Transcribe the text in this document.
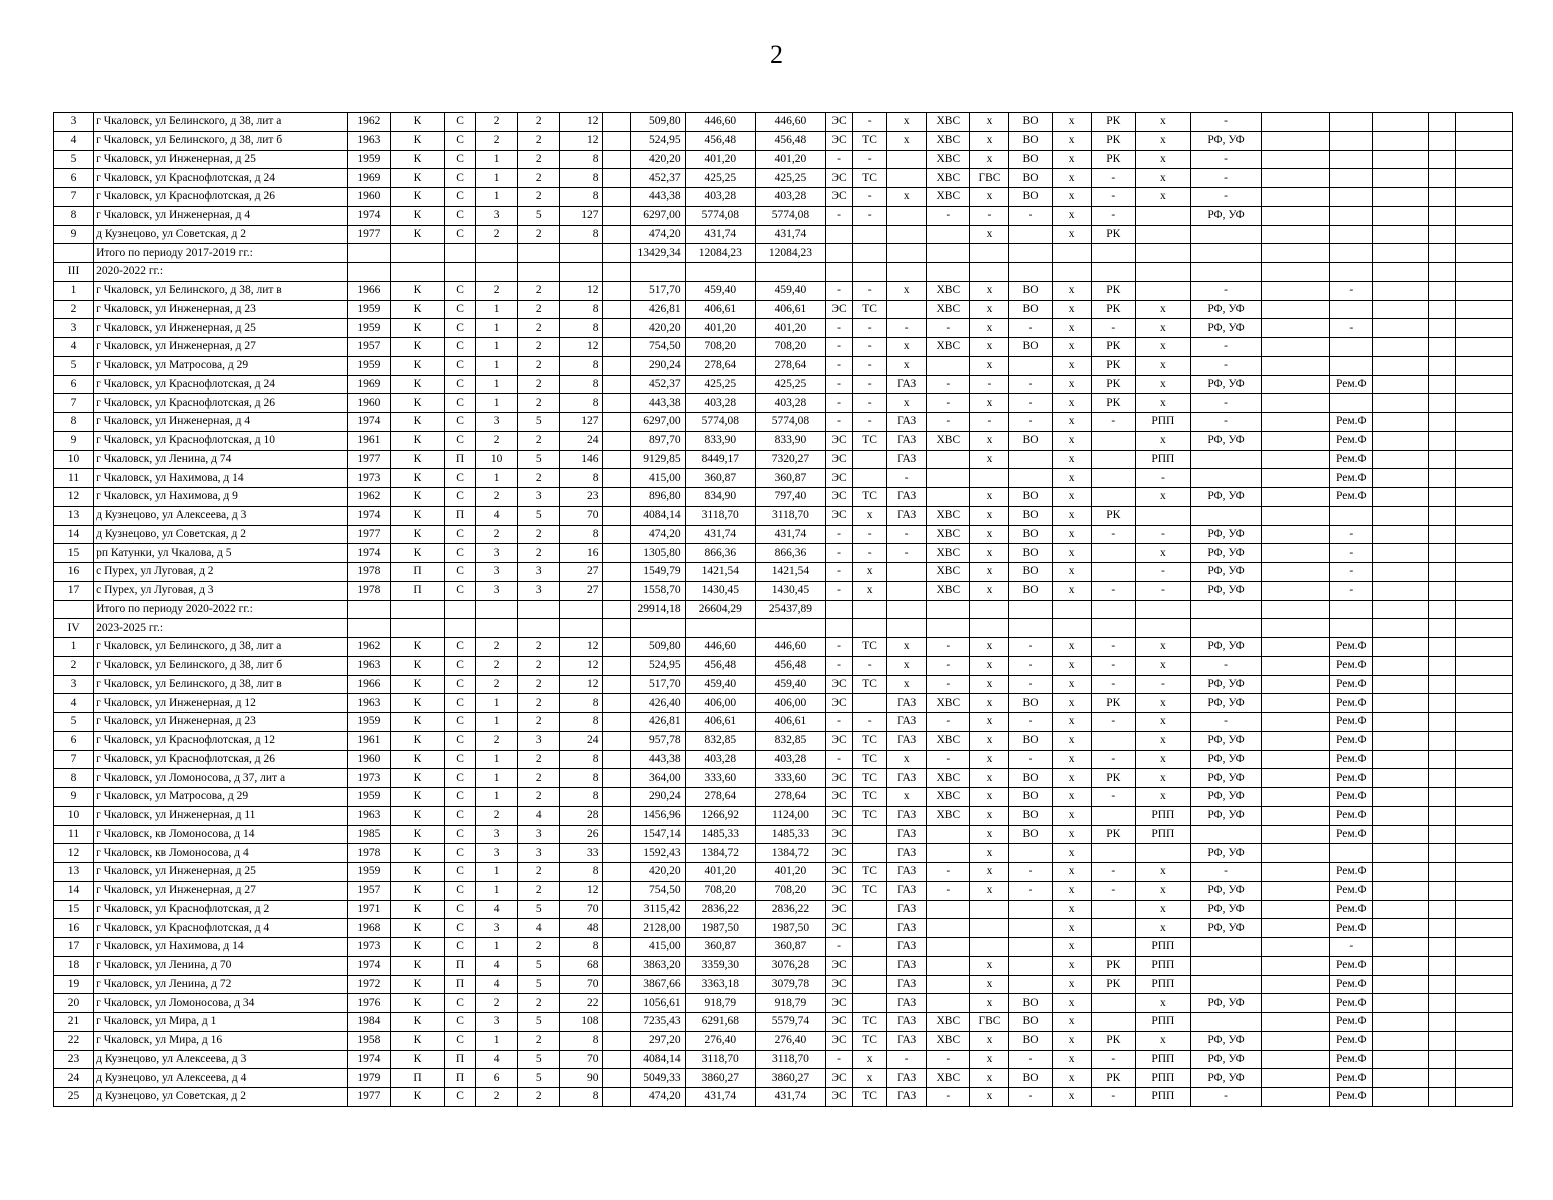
2
3	г Чкаловск, ул Белинского, д 38, лит а	1962	К	С	2	2	12		509,80	446,60	446,60	ЭС	-	х	ХВС	х	ВО	х	РК	х	-					
4	г Чкаловск, ул Белинского, д 38, лит б	1963	К	С	2	2	12		524,95	456,48	456,48	ЭС	ТС	х	ХВС	х	ВО	х	РК	х	РФ, УФ					
5	г Чкаловск, ул Инженерная, д 25	1959	К	С	1	2	8		420,20	401,20	401,20	-	-		ХВС	х	ВО	х	РК	х	-					
6	г Чкаловск, ул Краснофлотская, д 24	1969	К	С	1	2	8		452,37	425,25	425,25	ЭС	ТС		ХВС	ГВС	ВО	х	-	х	-					
7	г Чкаловск, ул Краснофлотская, д 26	1960	К	С	1	2	8		443,38	403,28	403,28	ЭС	-	х	ХВС	х	ВО	х	-	х	-					
8	г Чкаловск, ул Инженерная, д 4	1974	К	С	3	5	127		6297,00	5774,08	5774,08	-	-		-	-	-	х	-		РФ, УФ					
9	д Кузнецово, ул Советская, д 2	1977	К	С	2	2	8		474,20	431,74	431,74					х		х	РК							
	Итого по периоду 2017-2019 гг.:								13429,34	12084,23	12084,23															
III	2020-2022 гг.:																									
1	г Чкаловск, ул Белинского, д 38, лит в	1966	К	С	2	2	12		517,70	459,40	459,40	-	-	х	ХВС	х	ВО	х	РК		-		-			
2	г Чкаловск, ул Инженерная, д 23	1959	К	С	1	2	8		426,81	406,61	406,61	ЭС	ТС		ХВС	х	ВО	х	РК	х	РФ, УФ					
3	г Чкаловск, ул Инженерная, д 25	1959	К	С	1	2	8		420,20	401,20	401,20	-	-	-	-	х	-	х	-	х	РФ, УФ		-			
4	г Чкаловск, ул Инженерная, д 27	1957	К	С	1	2	12		754,50	708,20	708,20	-	-	х	ХВС	х	ВО	х	РК	х	-					
5	г Чкаловск, ул Матросова, д 29	1959	К	С	1	2	8		290,24	278,64	278,64	-	-	х		х		х	РК	х	-					
6	г Чкаловск, ул Краснофлотская, д 24	1969	К	С	1	2	8		452,37	425,25	425,25	-	-	ГАЗ	-	-	-	х	РК	х	РФ, УФ		Рем.Ф			
7	г Чкаловск, ул Краснофлотская, д 26	1960	К	С	1	2	8		443,38	403,28	403,28	-	-	х	-	х	-	х	РК	х	-					
8	г Чкаловск, ул Инженерная, д 4	1974	К	С	3	5	127		6297,00	5774,08	5774,08	-	-	ГАЗ	-	-	-	х	-	РПП	-		Рем.Ф			
9	г Чкаловск, ул Краснофлотская, д 10	1961	К	С	2	2	24		897,70	833,90	833,90	ЭС	ТС	ГАЗ	ХВС	х	ВО	х		х	РФ, УФ		Рем.Ф			
10	г Чкаловск, ул Ленина, д 74	1977	К	П	10	5	146		9129,85	8449,17	7320,27	ЭС		ГАЗ		х		х		РПП			Рем.Ф			
11	г Чкаловск, ул Нахимова, д 14	1973	К	С	1	2	8		415,00	360,87	360,87	ЭС		-				х		-			Рем.Ф			
12	г Чкаловск, ул Нахимова, д 9	1962	К	С	2	3	23		896,80	834,90	797,40	ЭС	ТС	ГАЗ		х	ВО	х		х	РФ, УФ		Рем.Ф			
13	д Кузнецово, ул Алексеева, д 3	1974	К	П	4	5	70		4084,14	3118,70	3118,70	ЭС	х	ГАЗ	ХВС	х	ВО	х	РК							
14	д Кузнецово, ул Советская, д 2	1977	К	С	2	2	8		474,20	431,74	431,74	-	-	-	ХВС	х	ВО	х	-	-	РФ, УФ		-			
15	рп Катунки, ул Чкалова, д 5	1974	К	С	3	2	16		1305,80	866,36	866,36	-	-	-	ХВС	х	ВО	х		х	РФ, УФ		-			
16	с Пурех, ул Луговая, д 2	1978	П	С	3	3	27		1549,79	1421,54	1421,54	-	х		ХВС	х	ВО	х		-	РФ, УФ		-			
17	с Пурех, ул Луговая, д 3	1978	П	С	3	3	27		1558,70	1430,45	1430,45	-	х		ХВС	х	ВО	х	-	-	РФ, УФ		-			
	Итого по периоду 2020-2022 гг.:								29914,18	26604,29	25437,89															
IV	2023-2025 гг.:																									
1	г Чкаловск, ул Белинского, д 38, лит а	1962	К	С	2	2	12		509,80	446,60	446,60	-	ТС	х	-	х	-	х	-	х	РФ, УФ		Рем.Ф			
2	г Чкаловск, ул Белинского, д 38, лит б	1963	К	С	2	2	12		524,95	456,48	456,48	-	-	х	-	х	-	х	-	х	-		Рем.Ф			
3	г Чкаловск, ул Белинского, д 38, лит в	1966	К	С	2	2	12		517,70	459,40	459,40	ЭС	ТС	х	-	х	-	х	-	-	РФ, УФ		Рем.Ф			
4	г Чкаловск, ул Инженерная, д 12	1963	К	С	1	2	8		426,40	406,00	406,00	ЭС		ГАЗ	ХВС	х	ВО	х	РК	х	РФ, УФ		Рем.Ф			
5	г Чкаловск, ул Инженерная, д 23	1959	К	С	1	2	8		426,81	406,61	406,61	-	-	ГАЗ	-	х	-	х	-	х	-		Рем.Ф			
6	г Чкаловск, ул Краснофлотская, д 12	1961	К	С	2	3	24		957,78	832,85	832,85	ЭС	ТС	ГАЗ	ХВС	х	ВО	х		х	РФ, УФ		Рем.Ф			
7	г Чкаловск, ул Краснофлотская, д 26	1960	К	С	1	2	8		443,38	403,28	403,28	-	ТС	х	-	х	-	х	-	х	РФ, УФ		Рем.Ф			
8	г Чкаловск, ул Ломоносова, д 37, лит а	1973	К	С	1	2	8		364,00	333,60	333,60	ЭС	ТС	ГАЗ	ХВС	х	ВО	х	РК	х	РФ, УФ		Рем.Ф			
9	г Чкаловск, ул Матросова, д 29	1959	К	С	1	2	8		290,24	278,64	278,64	ЭС	ТС	х	ХВС	х	ВО	х	-	х	РФ, УФ		Рем.Ф			
10	г Чкаловск, ул Инженерная, д 11	1963	К	С	2	4	28		1456,96	1266,92	1124,00	ЭС	ТС	ГАЗ	ХВС	х	ВО	х		РПП	РФ, УФ		Рем.Ф			
11	г Чкаловск, кв Ломоносова, д 14	1985	К	С	3	3	26		1547,14	1485,33	1485,33	ЭС		ГАЗ		х	ВО	х	РК	РПП			Рем.Ф			
12	г Чкаловск, кв Ломоносова, д 4	1978	К	С	3	3	33		1592,43	1384,72	1384,72	ЭС		ГАЗ		х		х			РФ, УФ					
13	г Чкаловск, ул Инженерная, д 25	1959	К	С	1	2	8		420,20	401,20	401,20	ЭС	ТС	ГАЗ	-	х	-	х	-	х	-		Рем.Ф			
14	г Чкаловск, ул Инженерная, д 27	1957	К	С	1	2	12		754,50	708,20	708,20	ЭС	ТС	ГАЗ	-	х	-	х	-	х	РФ, УФ		Рем.Ф			
15	г Чкаловск, ул Краснофлотская, д 2	1971	К	С	4	5	70		3115,42	2836,22	2836,22	ЭС		ГАЗ				х		х	РФ, УФ		Рем.Ф			
16	г Чкаловск, ул Краснофлотская, д 4	1968	К	С	3	4	48		2128,00	1987,50	1987,50	ЭС		ГАЗ				х		х	РФ, УФ		Рем.Ф			
17	г Чкаловск, ул Нахимова, д 14	1973	К	С	1	2	8		415,00	360,87	360,87	-		ГАЗ				х		РПП			-			
18	г Чкаловск, ул Ленина, д 70	1974	К	П	4	5	68		3863,20	3359,30	3076,28	ЭС		ГАЗ		х		х	РК	РПП			Рем.Ф			
19	г Чкаловск, ул Ленина, д 72	1972	К	П	4	5	70		3867,66	3363,18	3079,78	ЭС		ГАЗ		х		х	РК	РПП			Рем.Ф			
20	г Чкаловск, ул Ломоносова, д 34	1976	К	С	2	2	22		1056,61	918,79	918,79	ЭС		ГАЗ		х	ВО	х		х	РФ, УФ		Рем.Ф			
21	г Чкаловск, ул Мира, д 1	1984	К	С	3	5	108		7235,43	6291,68	5579,74	ЭС	ТС	ГАЗ	ХВС	ГВС	ВО	х		РПП			Рем.Ф			
22	г Чкаловск, ул Мира, д 16	1958	К	С	1	2	8		297,20	276,40	276,40	ЭС	ТС	ГАЗ	ХВС	х	ВО	х	РК	х	РФ, УФ		Рем.Ф			
23	д Кузнецово, ул Алексеева, д 3	1974	К	П	4	5	70		4084,14	3118,70	3118,70	-	х	-	-	х	-	х	-	РПП	РФ, УФ		Рем.Ф			
24	д Кузнецово, ул Алексеева, д 4	1979	П	П	6	5	90		5049,33	3860,27	3860,27	ЭС	х	ГАЗ	ХВС	х	ВО	х	РК	РПП	РФ, УФ		Рем.Ф			
25	д Кузнецово, ул Советская, д 2	1977	К	С	2	2	8		474,20	431,74	431,74	ЭС	ТС	ГАЗ	-	х	-	х	-	РПП	-		Рем.Ф			
